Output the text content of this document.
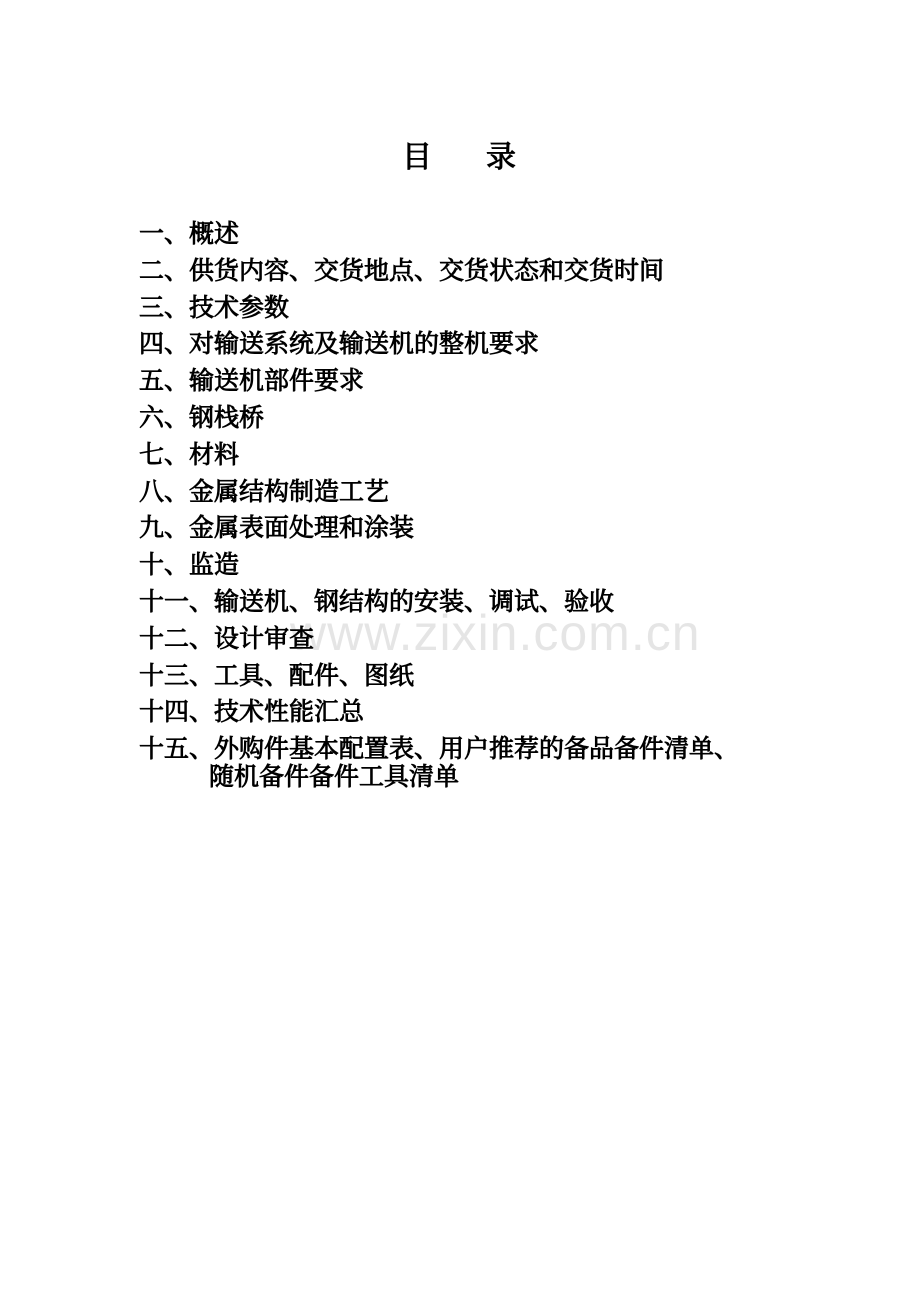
目 录
www.zixin.com.cn
一、概述
二、供货内容、交货地点、交货状态和交货时间
三、技术参数
四、对输送系统及输送机的整机要求
五、输送机部件要求
六、钢栈桥
七、材料
八、金属结构制造工艺
九、金属表面处理和涂装
十、监造
十一、输送机、钢结构的安装、调试、验收
十二、设计审查
十三、工具、配件、图纸
十四、技术性能汇总
十五、外购件基本配置表、用户推荐的备品备件清单、
随机备件备件工具清单
